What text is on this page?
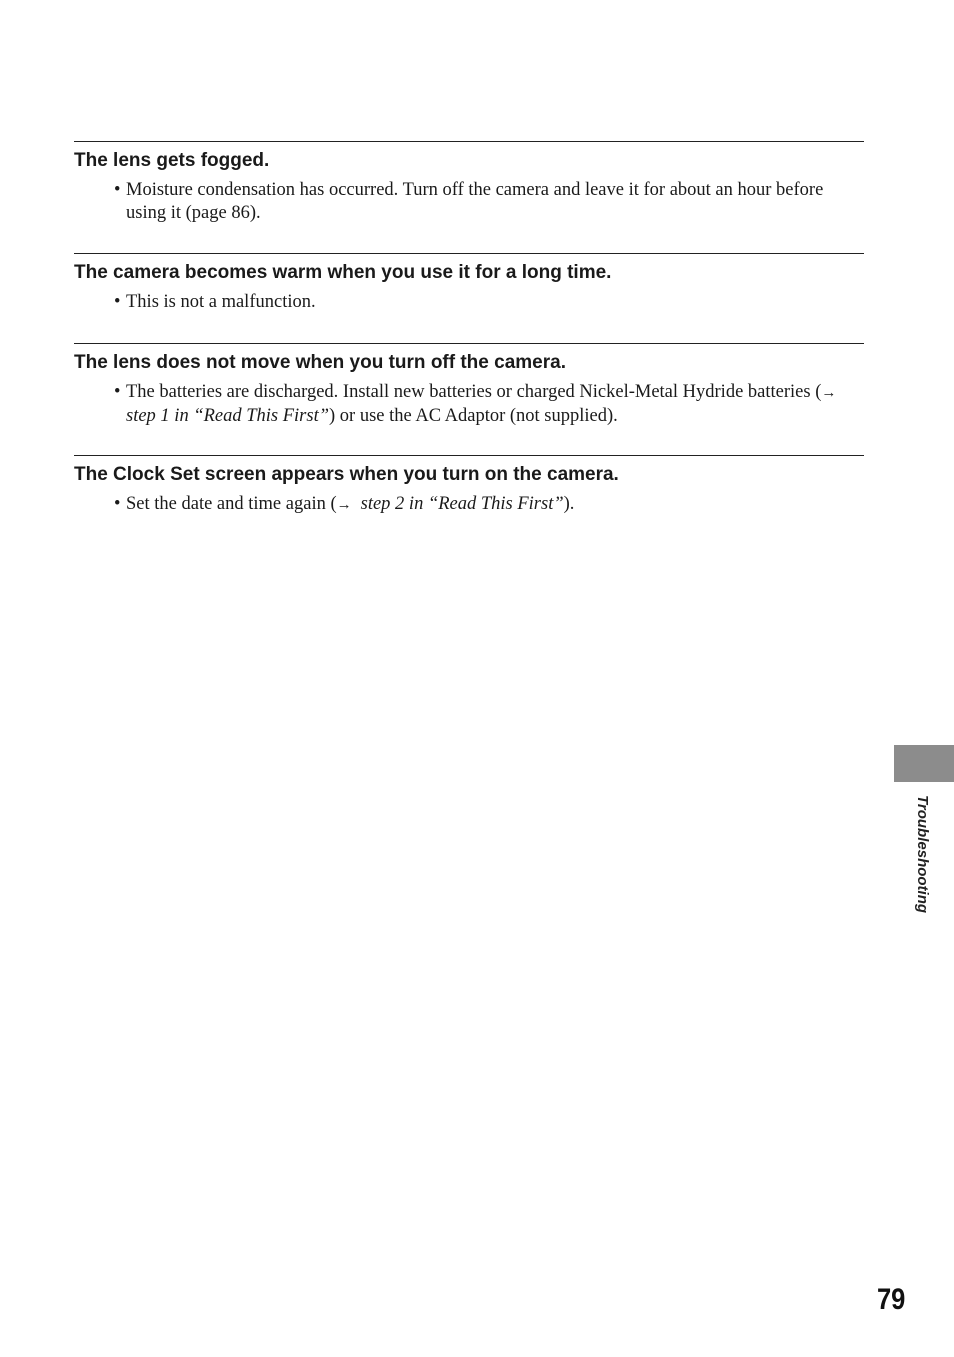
The lens gets fogged.
• Moisture condensation has occurred. Turn off the camera and leave it for about an hour before using it (page 86).
The camera becomes warm when you use it for a long time.
• This is not a malfunction.
The lens does not move when you turn off the camera.
• The batteries are discharged. Install new batteries or charged Nickel-Metal Hydride batteries (→step 1 in “Read This First”) or use the AC Adaptor (not supplied).
The Clock Set screen appears when you turn on the camera.
• Set the date and time again (→ step 2 in “Read This First”).
Troubleshooting
79
